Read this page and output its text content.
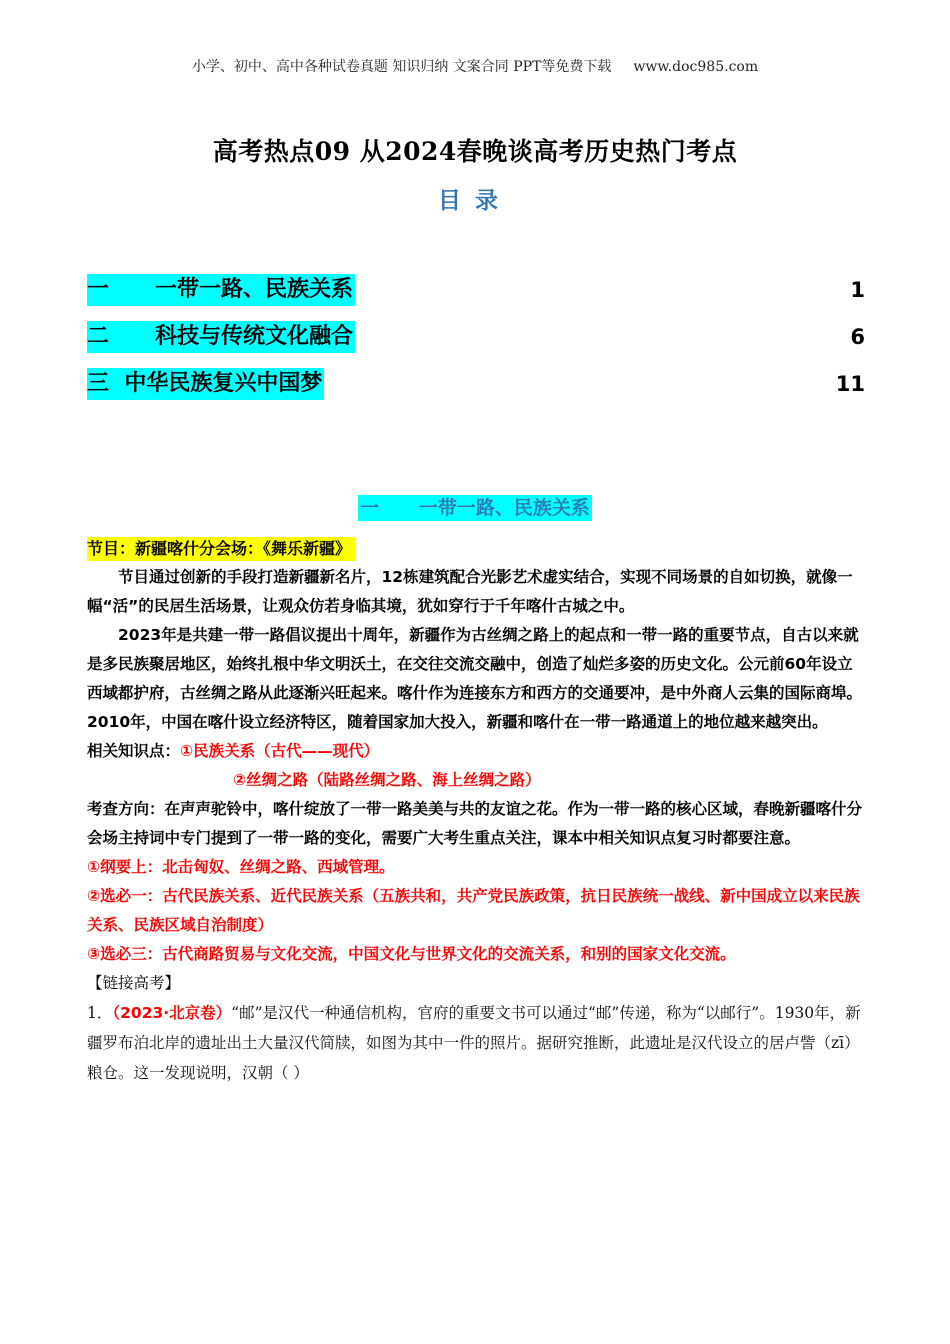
小学、初中、高中各种试卷真题 知识归纳 文案合同 PPT等免费下载 www.doc985.com
高考热点09 从2024春晚谈高考历史热门考点
目录
一      一带一路、民族关系	1
二      科技与传统文化融合	6
三  中华民族复兴中国梦	11
一      一带一路、民族关系
节目：新疆喀什分会场：《舞乐新疆》

节目通过创新的手段打造新疆新名片，12栋建筑配合光影艺术虚实结合，实现不同场景的自如切换，就像一幅“活”的民居生活场景，让观众仿若身临其境，犹如穿行于千年喀什古城之中。

2023年是共建一带一路倡议提出十周年，新疆作为古丝绸之路上的起点和一带一路的重要节点，自古以来就是多民族聚居地区，始终扎根中华文明沃土，在交往交流交融中，创造了灿烂多姿的历史文化。公元前60年设立西域都护府，古丝绸之路从此逐渐兴旺起来。喀什作为连接东方和西方的交通要冲，是中外商人云集的国际商埠。2010年，中国在喀什设立经济特区，随着国家加大投入，新疆和喀什在一带一路通道上的地位越来越突出。

相关知识点：①民族关系（古代——现代）

②丝绸之路（陆路丝绸之路、海上丝绸之路）

考查方向：在声声驼铃中，喀什绽放了一带一路美美与共的友谊之花。作为一带一路的核心区域，春晚新疆喀什分会场主持词中专门提到了一带一路的变化，需要广大考生重点关注，课本中相关知识点复习时都要注意。

①纲要上：北击匈奴、丝绸之路、西域管理。

②选必一：古代民族关系、近代民族关系（五族共和，共产党民族政策，抗日民族统一战线、新中国成立以来民族关系、民族区域自治制度）

③选必三：古代商路贸易与文化交流，中国文化与世界文化的交流关系，和别的国家文化交流。

【链接高考】

1．（2023·北京卷）“邮”是汉代一种通信机构，官府的重要文书可以通过“邮”传递，称为“以邮行”。1930年，新疆罗布泊北岸的遗址出土大量汉代简牍，如图为其中一件的照片。据研究推断，此遗址是汉代设立的居卢訾（zī）粮仓。这一发现说明，汉朝（ ）
